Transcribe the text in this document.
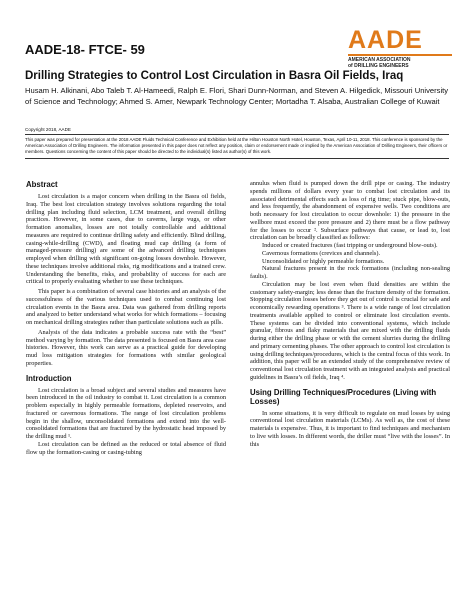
AADE-18- FTCE- 59	AADE
AMERICAN ASSOCIATION
of DRILLING ENGINEERS
Drilling Strategies to Control Lost Circulation in Basra Oil Fields, Iraq
Husam H. Alkinani, Abo Taleb T. Al-Hameedi, Ralph E. Flori, Shari Dunn-Norman, and Steven A. Hilgedick, Missouri University of Science and Technology; Ahmed S. Amer, Newpark Technology Center; Mortadha T. Alsaba, Australian College of Kuwait
Copyright 2018, AADE
This paper was prepared for presentation at the 2018 AADE Fluids Technical Conference and Exhibition held at the Hilton Houston North Hotel, Houston, Texas, April 10-11, 2018. This conference is sponsored by the American Association of Drilling Engineers. The information presented in this paper does not reflect any position, claim or endorsement made or implied by the American Association of Drilling Engineers, their officers or members. Questions concerning the content of this paper should be directed to the individual(s) listed as author(s) of this work.
Abstract

Lost circulation is a major concern when drilling in the Basra oil fields, Iraq. The best lost circulation strategy involves solutions regarding the total drilling plan including fluid selection, LCM treatment, and overall drilling practices. However, in some cases, due to caverns, large vugs, or other formation anomalies, losses are not totally controllable and additional measures are required to continue drilling safety and efficiently. Blind drilling, casing-while-drilling (CWD), and floating mud cap drilling (a form of managed-pressure drilling) are some of the advanced drilling techniques employed when drilling with significant on-going losses downhole. However, these techniques involve additional risks, rig modifications and a trained crew. Understanding the benefits, risks, and probability of success for each are critical to properly evaluating whether to use these techniques.

This paper is a combination of several case histories and an analysis of the successfulness of the various techniques used to combat continuing lost circulation events in the Basra area. Data was gathered from drilling reports and analyzed to better understand what works for which formations – focusing on mechanical drilling strategies rather than particulate solutions such as pills.

Analysis of the data indicates a probable success rate with the “best” method varying by formation. The data presented is focused on Basra area case histories. However, this work can serve as a practical guide for developing mud loss mitigation strategies for formations with similar geological properties.

Introduction

Lost circulation is a broad subject and several studies and measures have been introduced in the oil industry to combat it. Lost circulation is a common problem especially in highly permeable formations, depleted reservoirs, and fractured or cavernous formations. The range of lost circulation problems begin in the shallow, unconsolidated formations and extend into the well-consolidated formations that are fractured by the hydrostatic head imposed by the drilling mud ¹.

Lost circulation can be defined as the reduced or total absence of fluid flow up the formation-casing or casing-tubing

annulus when fluid is pumped down the drill pipe or casing. The industry spends millions of dollars every year to combat lost circulation and its associated detrimental effects such as loss of rig time; stuck pipe, blow-outs, and less frequently, the abandonment of expensive wells. Two conditions are both necessary for lost circulation to occur downhole: 1) the pressure in the wellbore must exceed the pore pressure and 2) there must be a flow pathway for the losses to occur ². Subsurface pathways that cause, or lead to, lost circulation can be broadly classified as follows:

Induced or created fractures (fast tripping or underground blow-outs).

Cavernous formations (crevices and channels).

Unconsolidated or highly permeable formations.

Natural fractures present in the rock formations (including non-sealing faults).

Circulation may be lost even when fluid densities are within the customary safety-margin; less dense than the fracture density of the formation. Stopping circulation losses before they get out of control is crucial for safe and economically rewarding operations ³. There is a wide range of lost circulation treatments available applied to control or eliminate lost circulation events. These systems can be divided into conventional systems, which include granular, fibrous and flaky materials that are mixed with the drilling fluids during either the drilling phase or with the cement slurries during the drilling and primary cementing phases. The other approach to control lost circulation is using drilling techniques/procedures, which is the central focus of this work. In addition, this paper will be an extended study of the comprehensive review of conventional lost circulation treatment with an integrated analysis and practical guidelines in Basra’s oil fields, Iraq ⁴.

Using Drilling Techniques/Procedures (Living with Losses)

In some situations, it is very difficult to regulate on mud losses by using conventional lost circulation materials (LCMs). As well as, the cost of these materials is expensive. Thus, it is important to find techniques and mechanism to live with losses. In different words, the driller must “live with the losses”. In this
